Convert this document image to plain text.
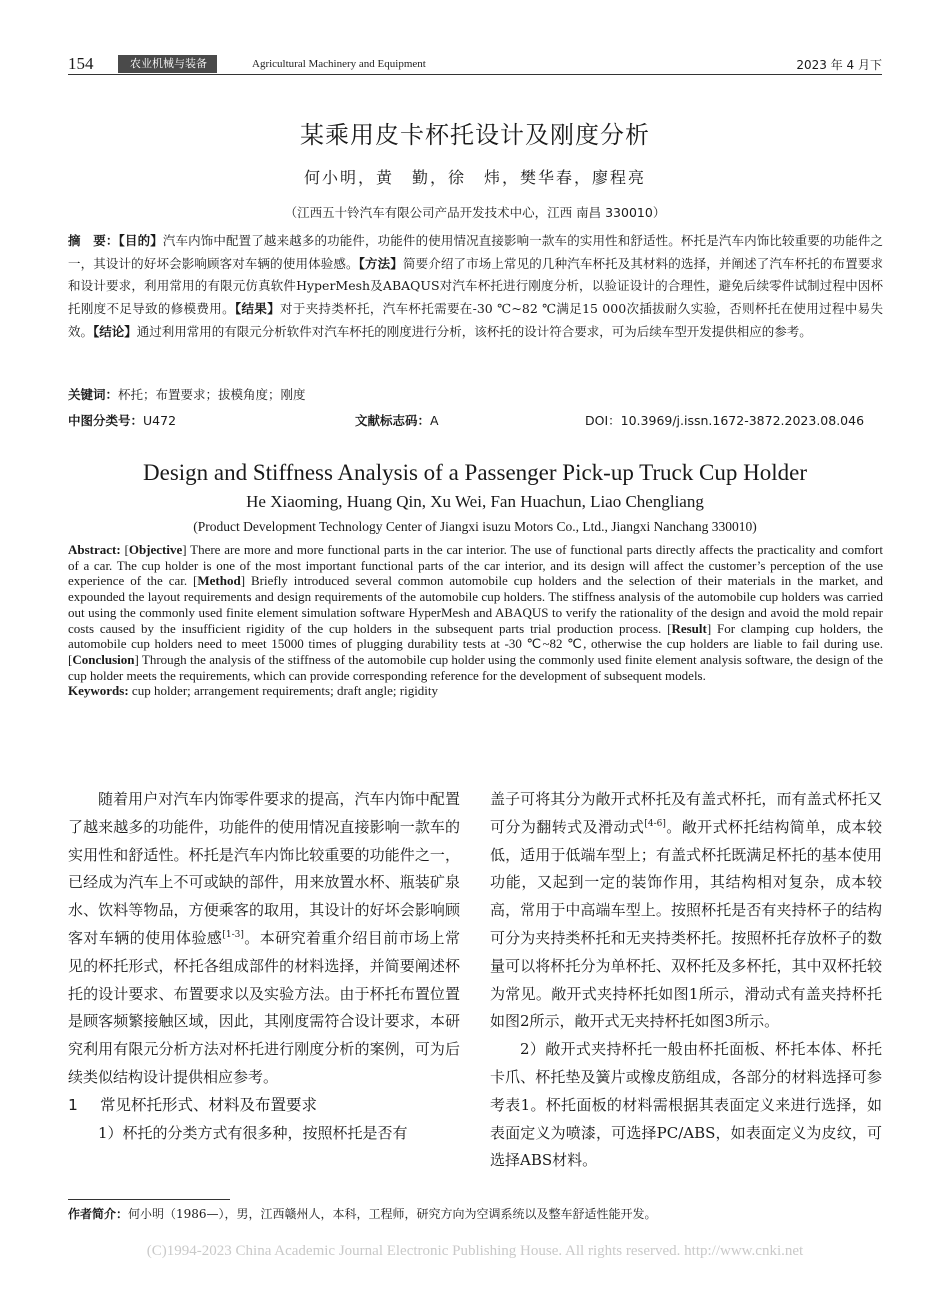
154	农业机械与装备	Agricultural Machinery and Equipment	2023 年 4 月下
某乘用皮卡杯托设计及刚度分析
何小明，黄　勤，徐　炜，樊华春，廖程亮
（江西五十铃汽车有限公司产品开发技术中心，江西 南昌 330010）
摘　要：【目的】汽车内饰中配置了越来越多的功能件，功能件的使用情况直接影响一款车的实用性和舒适性。杯托是汽车内饰比较重要的功能件之一，其设计的好坏会影响顾客对车辆的使用体验感。【方法】简要介绍了市场上常见的几种汽车杯托及其材料的选择，并阐述了汽车杯托的布置要求和设计要求，利用常用的有限元仿真软件HyperMesh及ABAQUS对汽车杯托进行刚度分析，以验证设计的合理性，避免后续零件试制过程中因杯托刚度不足导致的修模费用。【结果】对于夹持类杯托，汽车杯托需要在-30 ℃~82 ℃满足15 000次插拔耐久实验，否则杯托在使用过程中易失效。【结论】通过利用常用的有限元分析软件对汽车杯托的刚度进行分析，该杯托的设计符合要求，可为后续车型开发提供相应的参考。
关键词：杯托；布置要求；拔模角度；刚度
中图分类号：U472	文献标志码：A	DOI：10.3969/j.issn.1672-3872.2023.08.046
Design and Stiffness Analysis of a Passenger Pick-up Truck Cup Holder
He Xiaoming, Huang Qin, Xu Wei, Fan Huachun, Liao Chengliang
(Product Development Technology Center of Jiangxi isuzu Motors Co., Ltd., Jiangxi Nanchang 330010)
Abstract: [Objective] There are more and more functional parts in the car interior. The use of functional parts directly affects the practicality and comfort of a car. The cup holder is one of the most important functional parts of the car interior, and its design will affect the customer’s perception of the use experience of the car. [Method] Briefly introduced several common automobile cup holders and the selection of their materials in the market, and expounded the layout requirements and design requirements of the automobile cup holders. The stiffness analysis of the automobile cup holders was carried out using the commonly used finite element simulation software HyperMesh and ABAQUS to verify the rationality of the design and avoid the mold repair costs caused by the insufficient rigidity of the cup holders in the subsequent parts trial production process. [Result] For clamping cup holders, the automobile cup holders need to meet 15000 times of plugging durability tests at -30 ℃~82 ℃, otherwise the cup holders are liable to fail during use. [Conclusion] Through the analysis of the stiffness of the automobile cup holder using the commonly used finite element analysis software, the design of the cup holder meets the requirements, which can provide corresponding reference for the development of subsequent models.
Keywords: cup holder; arrangement requirements; draft angle; rigidity

随着用户对汽车内饰零件要求的提高，汽车内饰中配置了越来越多的功能件，功能件的使用情况直接影响一款车的实用性和舒适性。杯托是汽车内饰比较重要的功能件之一，已经成为汽车上不可或缺的部件，用来放置水杯、瓶装矿泉水、饮料等物品，方便乘客的取用，其设计的好坏会影响顾客对车辆的使用体验感[1-3]。本研究着重介绍目前市场上常见的杯托形式，杯托各组成部件的材料选择，并简要阐述杯托的设计要求、布置要求以及实验方法。由于杯托布置位置是顾客频繁接触区域，因此，其刚度需符合设计要求，本研究利用有限元分析方法对杯托进行刚度分析的案例，可为后续类似结构设计提供相应参考。

1 常见杯托形式、材料及布置要求

1）杯托的分类方式有很多种，按照杯托是否有

盖子可将其分为敞开式杯托及有盖式杯托，而有盖式杯托又可分为翻转式及滑动式[4-6]。敞开式杯托结构简单，成本较低，适用于低端车型上；有盖式杯托既满足杯托的基本使用功能，又起到一定的装饰作用，其结构相对复杂，成本较高，常用于中高端车型上。按照杯托是否有夹持杯子的结构可分为夹持类杯托和无夹持类杯托。按照杯托存放杯子的数量可以将杯托分为单杯托、双杯托及多杯托，其中双杯托较为常见。敞开式夹持杯托如图1所示，滑动式有盖夹持杯托如图2所示，敞开式无夹持杯托如图3所示。

2）敞开式夹持杯托一般由杯托面板、杯托本体、杯托卡爪、杯托垫及簧片或橡皮筋组成，各部分的材料选择可参考表1。杯托面板的材料需根据其表面定义来进行选择，如表面定义为喷漆，可选择PC/ABS，如表面定义为皮纹，可选择ABS材料。

作者简介：何小明（1986—），男，江西赣州人，本科，工程师，研究方向为空调系统以及整车舒适性能开发。
(C)1994-2023 China Academic Journal Electronic Publishing House. All rights reserved. http://www.cnki.net
